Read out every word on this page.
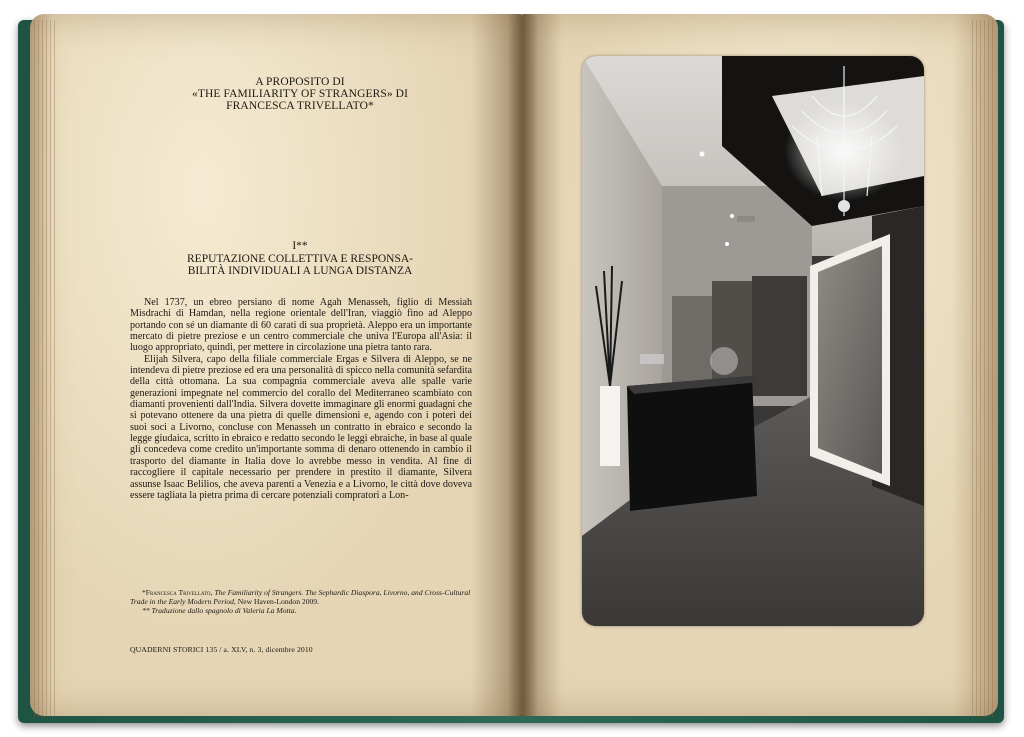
A PROPOSITO DI
«THE FAMILIARITY OF STRANGERS» DI
FRANCESCA TRIVELLATO*
I**
REPUTAZIONE COLLETTIVA E RESPONSA-
BILITÀ INDIVIDUALI A LUNGA DISTANZA

Nel 1737, un ebreo persiano di nome Agah Menasseh, figlio di Messiah Misdrachi di Hamdan, nella regione orientale dell'Iran, viaggiò fino ad Aleppo portando con sé un diamante di 60 carati di sua proprietà. Aleppo era un importante mercato di pietre preziose e un centro commerciale che univa l'Europa all'Asia: il luogo appropriato, quindi, per mettere in circolazione una pietra tanto rara.

Elijah Silvera, capo della filiale commerciale Ergas e Silvera di Aleppo, se ne intendeva di pietre preziose ed era una personalità di spicco nella comunità sefardita della città ottomana. La sua compagnia commerciale aveva alle spalle varie generazioni impegnate nel commercio del corallo del Mediterraneo scambiato con diamanti provenienti dall'India. Silvera dovette immaginare gli enormi guadagni che si potevano ottenere da una pietra di quelle dimensioni e, agendo con i poteri dei suoi soci a Livorno, concluse con Menasseh un contratto in ebraico e secondo la legge giudaica, scritto in ebraico e redatto secondo le leggi ebraiche, in base al quale gli concedeva come credito un'importante somma di denaro ottenendo in cambio il trasporto del diamante in Italia dove lo avrebbe messo in vendita. Al fine di raccogliere il capitale necessario per prendere in prestito il diamante, Silvera assunse Isaac Belilios, che aveva parenti a Venezia e a Livorno, le città dove doveva essere tagliata la pietra prima di cercare potenziali compratori a Lon-

*Francesca Trivellato, The Familiarity of Strangers. The Sephardic Diaspora, Livorno, and Cross-Cultural Trade in the Early Modern Period, New Haven-London 2009.
** Traduzione dallo spagnolo di Valeria La Motta.
QUADERNI STORICI 135 / a. XLV, n. 3, dicembre 2010
